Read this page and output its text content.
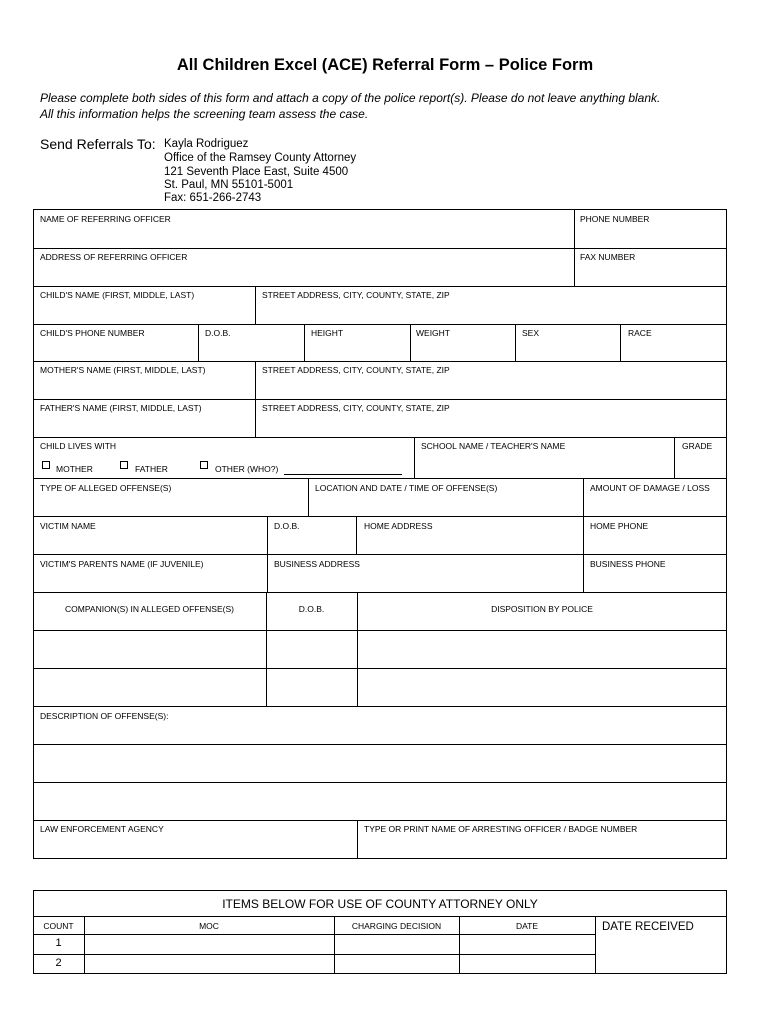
All Children Excel (ACE) Referral Form – Police Form
Please complete both sides of this form and attach a copy of the police report(s). Please do not leave anything blank.
All this information helps the screening team assess the case.
Send Referrals To: Kayla Rodriguez
Office of the Ramsey County Attorney
121 Seventh Place East, Suite 4500
St. Paul, MN 55101-5001
Fax: 651-266-2743
NAME OF REFERRING OFFICER	PHONE NUMBER
ADDRESS OF REFERRING OFFICER	FAX NUMBER
CHILD'S NAME (FIRST, MIDDLE, LAST)	STREET ADDRESS, CITY, COUNTY, STATE, ZIP
CHILD'S PHONE NUMBER	D.O.B.	HEIGHT	WEIGHT	SEX	RACE
MOTHER'S NAME (FIRST, MIDDLE, LAST)	STREET ADDRESS, CITY, COUNTY, STATE, ZIP
FATHER'S NAME (FIRST, MIDDLE, LAST)	STREET ADDRESS, CITY, COUNTY, STATE, ZIP
CHILD LIVES WITH
MOTHER	FATHER	OTHER (WHO?)
SCHOOL NAME / TEACHER'S NAME	GRADE
TYPE OF ALLEGED OFFENSE(S)	LOCATION AND DATE / TIME OF OFFENSE(S)	AMOUNT OF DAMAGE / LOSS
VICTIM NAME	D.O.B.	HOME ADDRESS	HOME PHONE
VICTIM'S PARENTS NAME (IF JUVENILE)	BUSINESS ADDRESS	BUSINESS PHONE
COMPANION(S) IN ALLEGED OFFENSE(S)	D.O.B.	DISPOSITION BY POLICE
DESCRIPTION OF OFFENSE(S):
LAW ENFORCEMENT AGENCY	TYPE OR PRINT NAME OF ARRESTING OFFICER / BADGE NUMBER
ITEMS BELOW FOR USE OF COUNTY ATTORNEY ONLY
COUNT	MOC	CHARGING DECISION	DATE	DATE RECEIVED
1
2
